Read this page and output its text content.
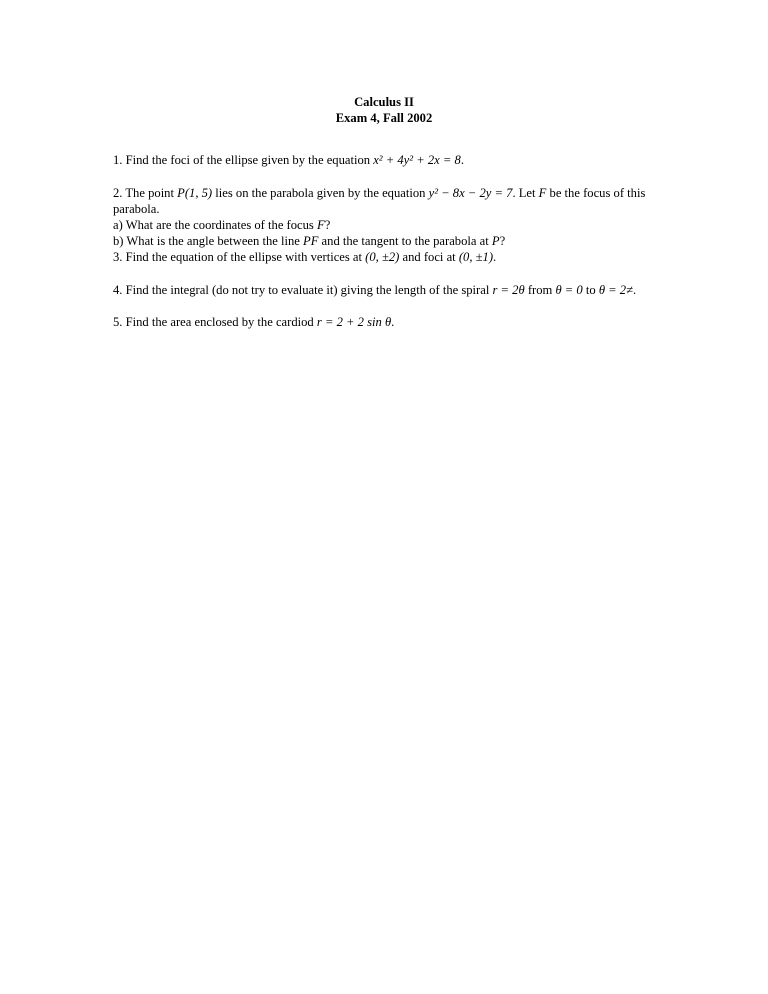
Calculus II
Exam 4, Fall 2002
1. Find the foci of the ellipse given by the equation x² + 4y² + 2x = 8.
2. The point P(1, 5) lies on the parabola given by the equation y² − 8x − 2y = 7. Let F be the focus of this
parabola.
a) What are the coordinates of the focus F?
b) What is the angle between the line PF and the tangent to the parabola at P?
3. Find the equation of the ellipse with vertices at (0, ±2) and foci at (0, ±1).
4. Find the integral (do not try to evaluate it) giving the length of the spiral r = 2θ from θ = 0 to θ = 2≠.
5. Find the area enclosed by the cardiod r = 2 + 2 sin θ.
